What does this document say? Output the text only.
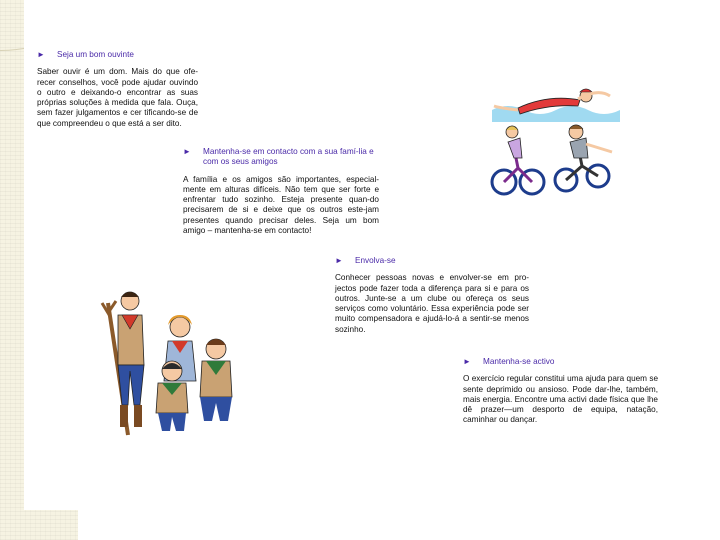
►	Seja um bom ouvinte
Saber ouvir é um dom. Mais do que ofe-recer conselhos, você pode ajudar ouvindo o outro e deixando-o encontrar as suas próprias soluções à medida que fala. Ouça, sem fazer julgamentos e cer tificando-se de que compreendeu o que está a ser dito.
►	Mantenha-se em contacto com a sua famí-lia e com os seus amigos
A família e os amigos são importantes, especial-mente em alturas difíceis. Não tem que ser forte e enfrentar tudo sozinho. Esteja presente quan-do precisarem de si e deixe que os outros este-jam presentes quando precisar deles. Seja um bom amigo – mantenha-se em contacto!
►	Envolva-se
Conhecer pessoas novas e envolver-se em pro-jectos pode fazer toda a diferença para si e para os outros. Junte-se a um clube ou ofereça os seus serviços como voluntário. Essa experiência pode ser muito compensadora e ajudá-lo-á a sentir-se menos sozinho.
►	Mantenha-se activo
O exercício regular constitui uma ajuda para quem se sente deprimido ou ansioso. Pode dar-lhe, também, mais energia. Encontre uma activi dade física que lhe dê prazer—um desporto de equipa, natação, caminhar ou dançar.
